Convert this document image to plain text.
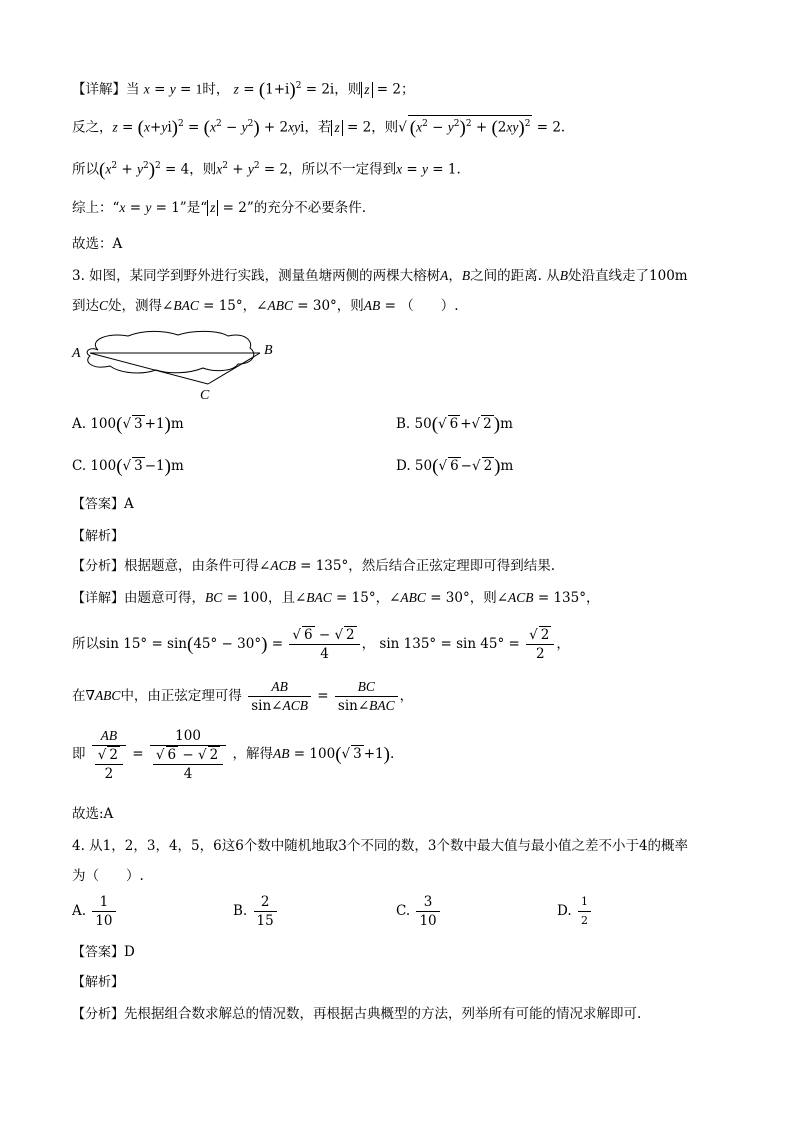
【详解】当 x = y = 1时， $z = (1+i)^2 = 2i$，则 z = 2；
反之，$z = (x+yi)^2 = (x^2 - y^2) + 2xyi$，若 z = 2，则√ $(x^2 - y^2)^2 + (2xy)^2 = 2$.
所以$(x^2 + y^2)^2 = 4$，则$x^2 + y^2 = 2$，所以不一定得到x = y = 1.
综上：“x = y = 1”是“ z = 2”的充分不必要条件.
故选：A
3. 如图，某同学到野外进行实践，测量鱼塘两侧的两棵大榕树A，B之间的距离. 从B处沿直线走了100m
到达C处，测得∠BAC = 15°，∠ABC = 30°，则AB = （　　）.
A	B
C
A. 100(√ 3 +1)m	B. 50(√ 6 +√ 2 )m
C. 100(√ 3 −1)m	D. 50(√ 6 −√ 2 )m
【答案】A
【解析】
【分析】根据题意，由条件可得∠ACB = 135°，然后结合正弦定理即可得到结果.
【详解】由题意可得，BC = 100，且∠BAC = 15°，∠ABC = 30°，则∠ACB = 135°，
所以$\sin 15^\circ = \sin(45^\circ - 30^\circ) = \frac{√ 6 - √ 2}{4}$ ， $\sin 135^\circ = \sin 45^\circ = \frac{√ 2}{2}$ ，
在∇ABC中，由正弦定理可得 $\frac{AB}{\text{sin∠ACB}} = \frac{BC}{\text{sin∠BAC}}$ ，
即 $\frac{AB}{\frac{√ 2}{2}} = \frac{100}{\frac{√ 6 - √ 2}{4}}$ ，解得AB = 100(√ 3 +1).
故选:A
4. 从1，2，3，4，5，6这6个数中随机地取3个不同的数，3个数中最大值与最小值之差不小于4的概率
为（　　）.
A. $\frac{1}{10}$	B. $\frac{2}{15}$	C. $\frac{3}{10}$	D. $\frac{1}{2}$
【答案】D
【解析】
【分析】先根据组合数求解总的情况数，再根据古典概型的方法，列举所有可能的情况求解即可.
